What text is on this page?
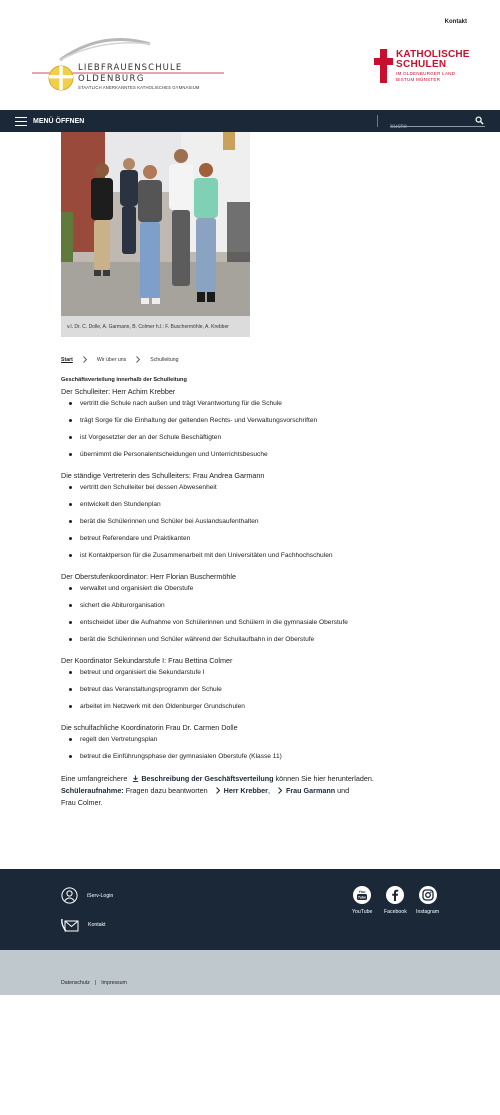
Kontakt
LIEBFRAUENSCHULE
OLDENBURG
STAATLICH ANERKANNTES KATHOLISCHES GYMNASIUM
KATHOLISCHE
SCHULEN
IM OLDENBURGER LAND
BISTUM MÜNSTER
MENÜ ÖFFNEN
Suche
v.l. Dr. C. Dolle, A. Garmann, B. Colmer h.l.: F. Buschermöhle, A. Krebber
Start	Wir über uns	Schulleitung
Geschäftsverteilung innerhalb der Schulleitung
Der Schulleiter: Herr Achim Krebber
vertritt die Schule nach außen und trägt Verantwortung für die Schule
trägt Sorge für die Einhaltung der geltenden Rechts- und Verwaltungsvorschriften
ist Vorgesetzter der an der Schule Beschäftigten
übernimmt die Personalentscheidungen und Unterrichtsbesuche
Die ständige Vertreterin des Schulleiters: Frau Andrea Garmann
vertritt den Schulleiter bei dessen Abwesenheit
entwickelt den Stundenplan
berät die Schülerinnen und Schüler bei Auslandsaufenthalten
betreut Referendare und Praktikanten
ist Kontaktperson für die Zusammenarbeit mit den Universitäten und Fachhochschulen
Der Oberstufenkoordinator: Herr Florian Buschermöhle
verwaltet und organisiert die Oberstufe
sichert die Abiturorganisation
entscheidet über die Aufnahme von Schülerinnen und Schülern in die gymnasiale Oberstufe
berät die Schülerinnen und Schüler während der Schullaufbahn in der Oberstufe
Der Koordinator Sekundarstufe I: Frau Bettina Colmer
betreut und organisiert die Sekundarstufe I
betreut das Veranstaltungsprogramm der Schule
arbeitet im Netzwerk mit den Oldenburger Grundschulen
Die schulfachliche Koordinatorin Frau Dr. Carmen Dolle
regelt den Vertretungsplan
betreut die Einführungsphase der gymnasialen Oberstufe (Klasse 11)

Eine umfangreichere Beschreibung der Geschäftsverteilung können Sie hier herunterladen.

Schüleraufnahme: Fragen dazu beantworten Herr Krebber, Frau Garmann und
Frau Colmer.

iServ-Login
Kontakt
You
Tube
YouTube Facebook Instagram
Datenschutz | Impressum
